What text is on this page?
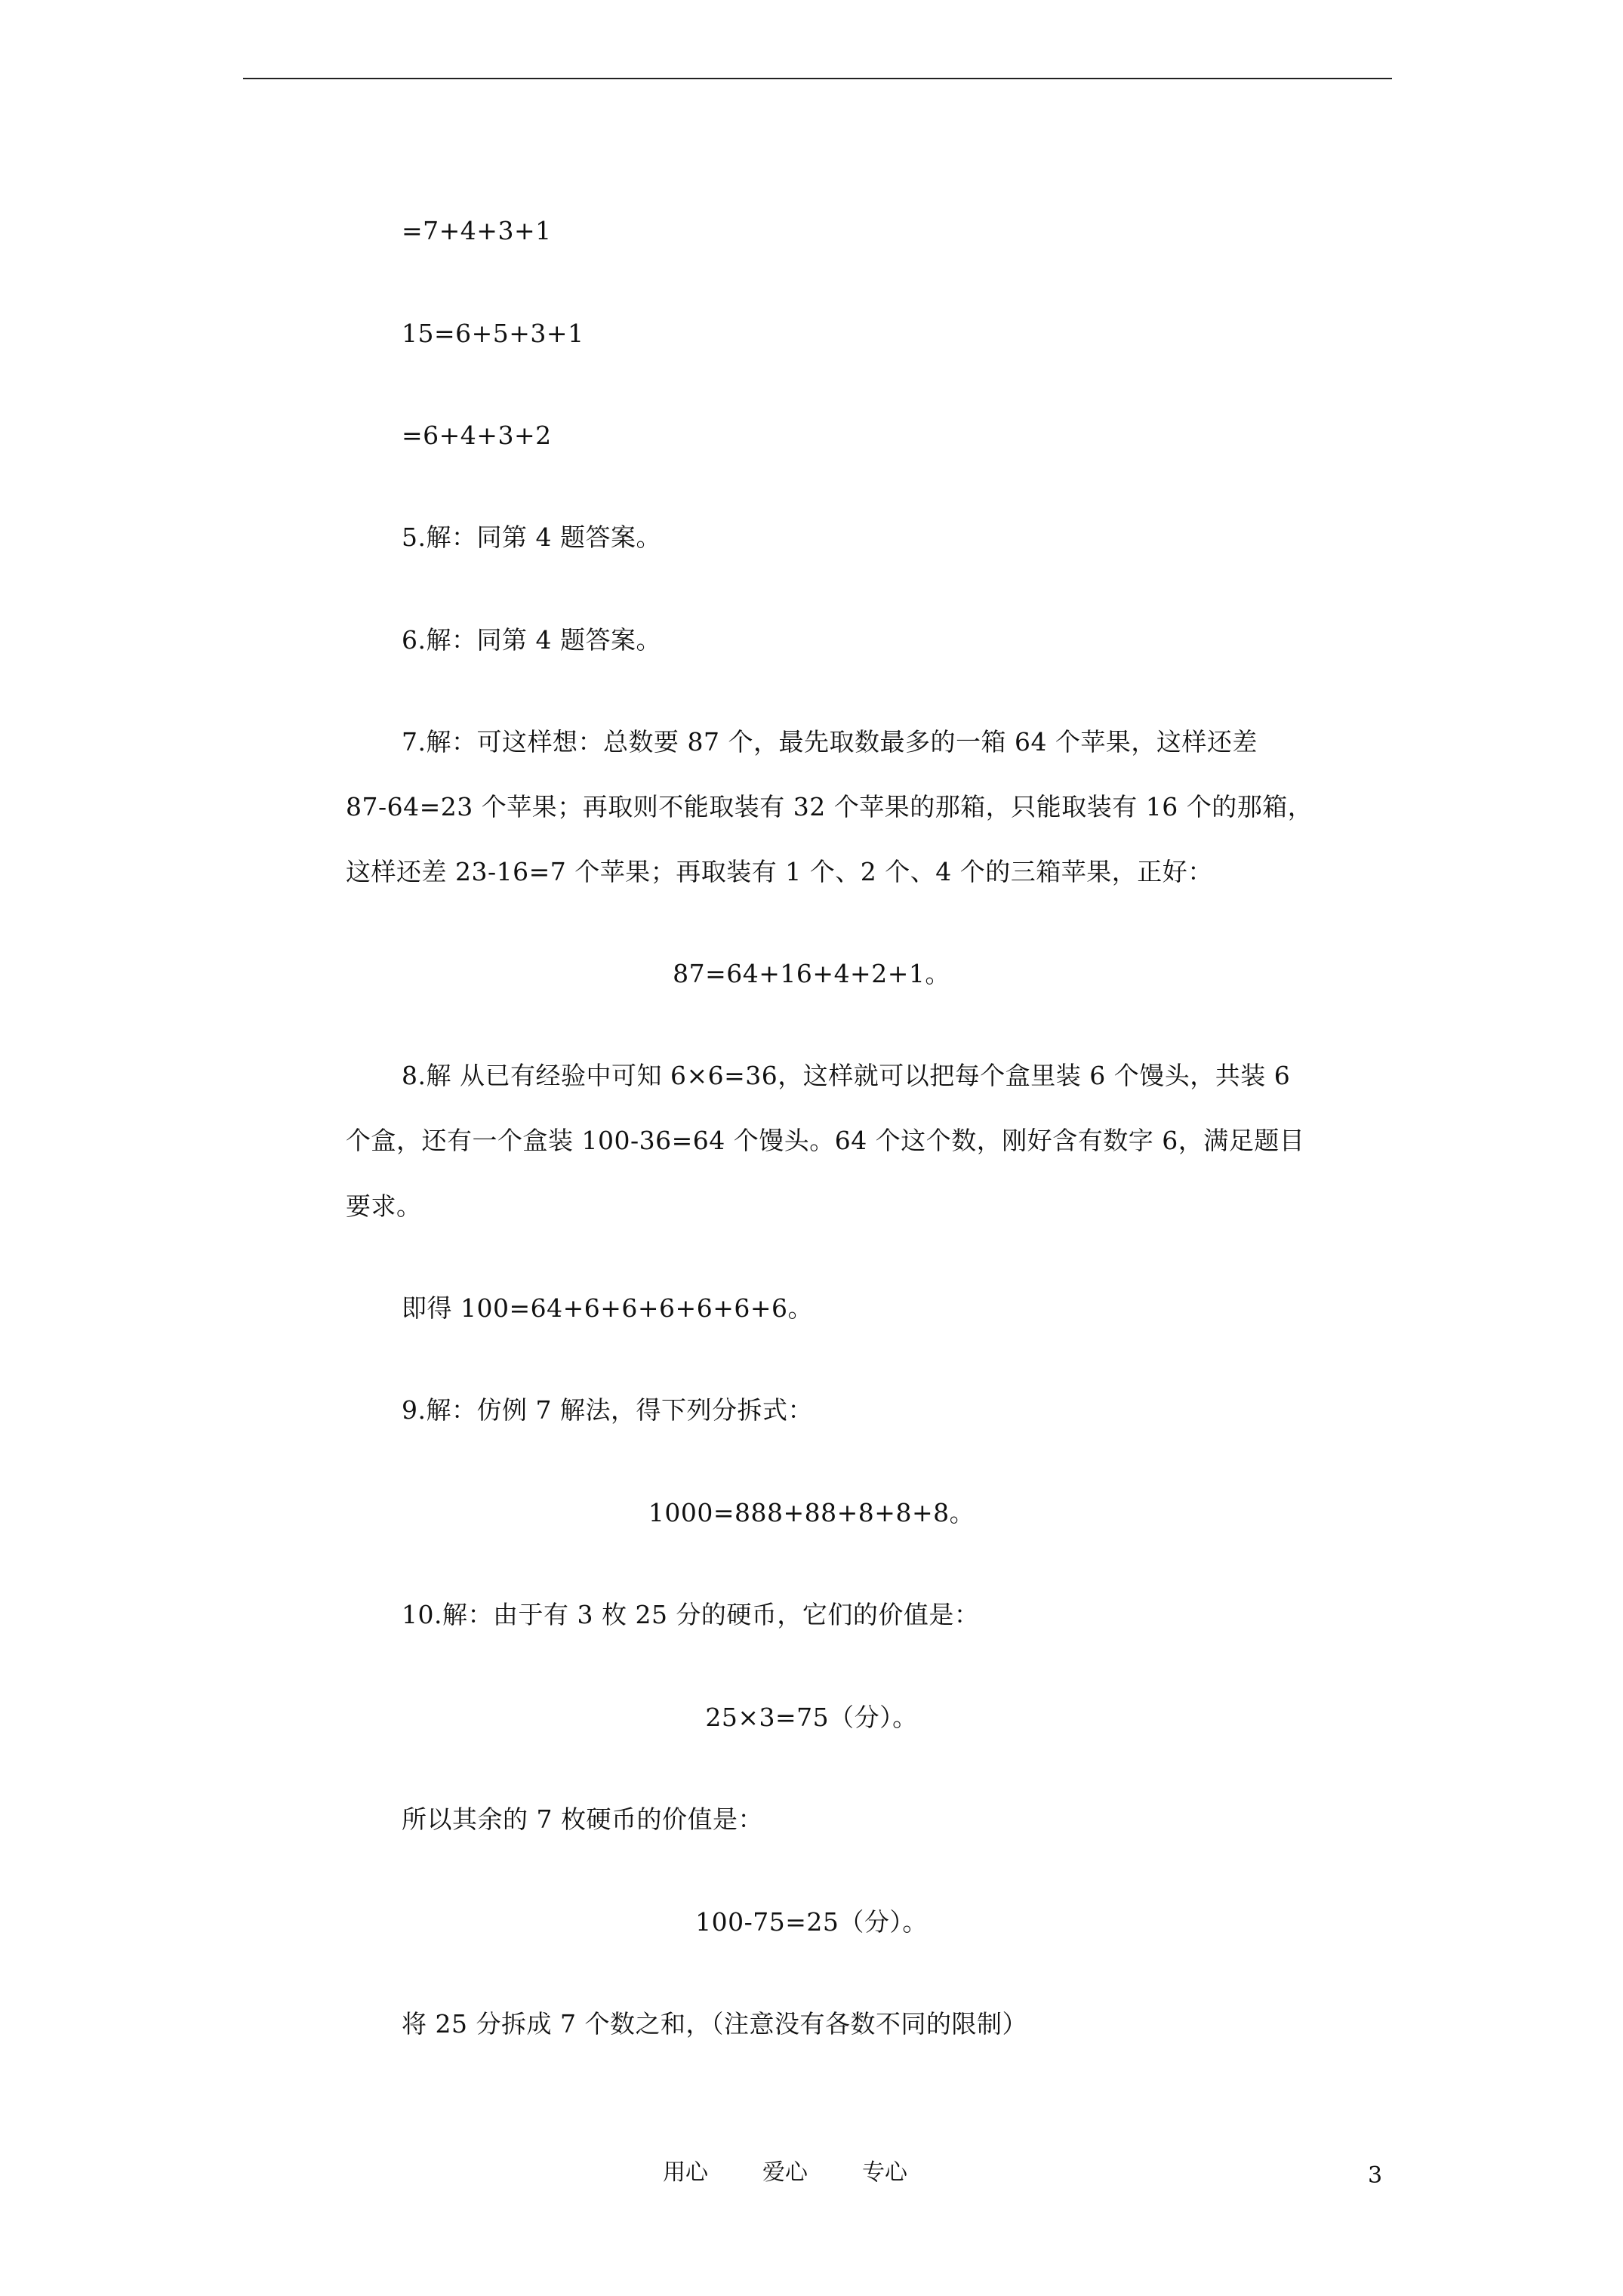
=7+4+3+1
15=6+5+3+1
=6+4+3+2
5.解：同第 4 题答案。
6.解：同第 4 题答案。
7.解：可这样想：总数要 87 个，最先取数最多的一箱 64 个苹果，这样还差
87-64=23 个苹果；再取则不能取装有 32 个苹果的那箱，只能取装有 16 个的那箱，
这样还差 23-16=7 个苹果；再取装有 1 个、2 个、4 个的三箱苹果，正好：
87=64+16+4+2+1。
8.解 从已有经验中可知 6×6=36，这样就可以把每个盒里装 6 个馒头，共装 6
个盒，还有一个盒装 100-36=64 个馒头。64 个这个数，刚好含有数字 6，满足题目
要求。
即得 100=64+6+6+6+6+6+6。
9.解：仿例 7 解法，得下列分拆式：
1000=888+88+8+8+8。
10.解：由于有 3 枚 25 分的硬币，它们的价值是：
25×3=75（分）。
所以其余的 7 枚硬币的价值是：
100-75=25（分）。
将 25 分拆成 7 个数之和，（注意没有各数不同的限制）
用心 爱心 专心	3
